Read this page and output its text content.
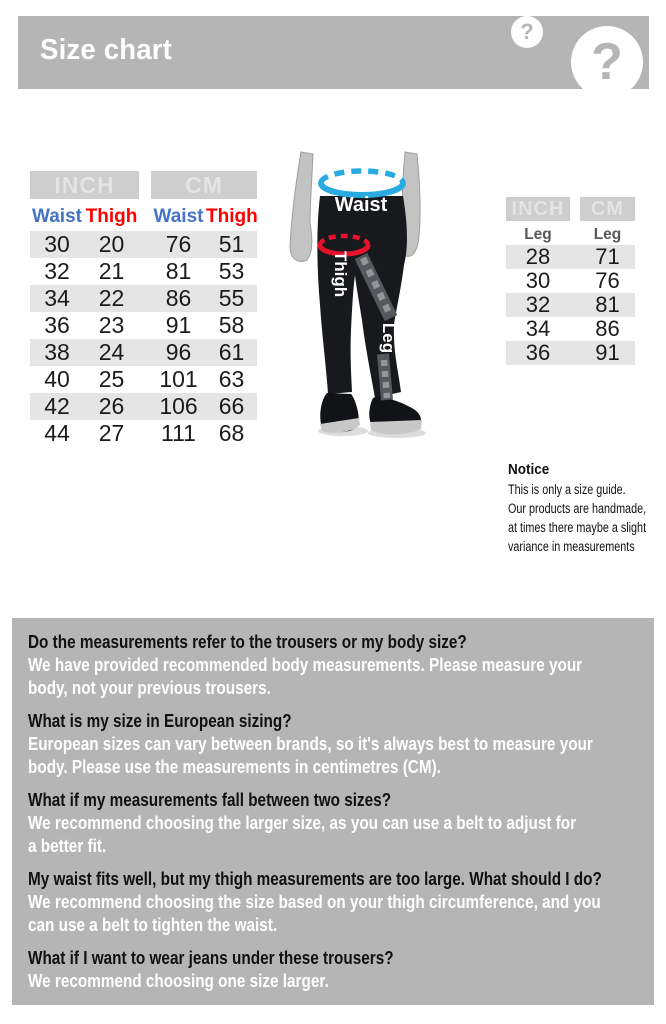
Size chart
?
?
INCH	CM
Waist Thigh Waist Thigh
30	20	76	51
32	21	81	53
34	22	86	55
36	23	91	58
38	24	96	61
40	25	101 63
42	26	106 66
44	27	111 68
Waist
Thigh
Leg
INCH	CM
Leg	Leg
28	71
30	76
32	81
34	86
36	91
Notice
This is only a size guide.
Our products are handmade,
at times there maybe a slight
variance in measurements
Do the measurements refer to the trousers or my body size?
We have provided recommended body measurements. Please measure your
body, not your previous trousers.
What is my size in European sizing?
European sizes can vary between brands, so it's always best to measure your
body. Please use the measurements in centimetres (CM).
What if my measurements fall between two sizes?
We recommend choosing the larger size, as you can use a belt to adjust for
a better fit.
My waist fits well, but my thigh measurements are too large. What should I do?
We recommend choosing the size based on your thigh circumference, and you
can use a belt to tighten the waist.
What if I want to wear jeans under these trousers?
We recommend choosing one size larger.
